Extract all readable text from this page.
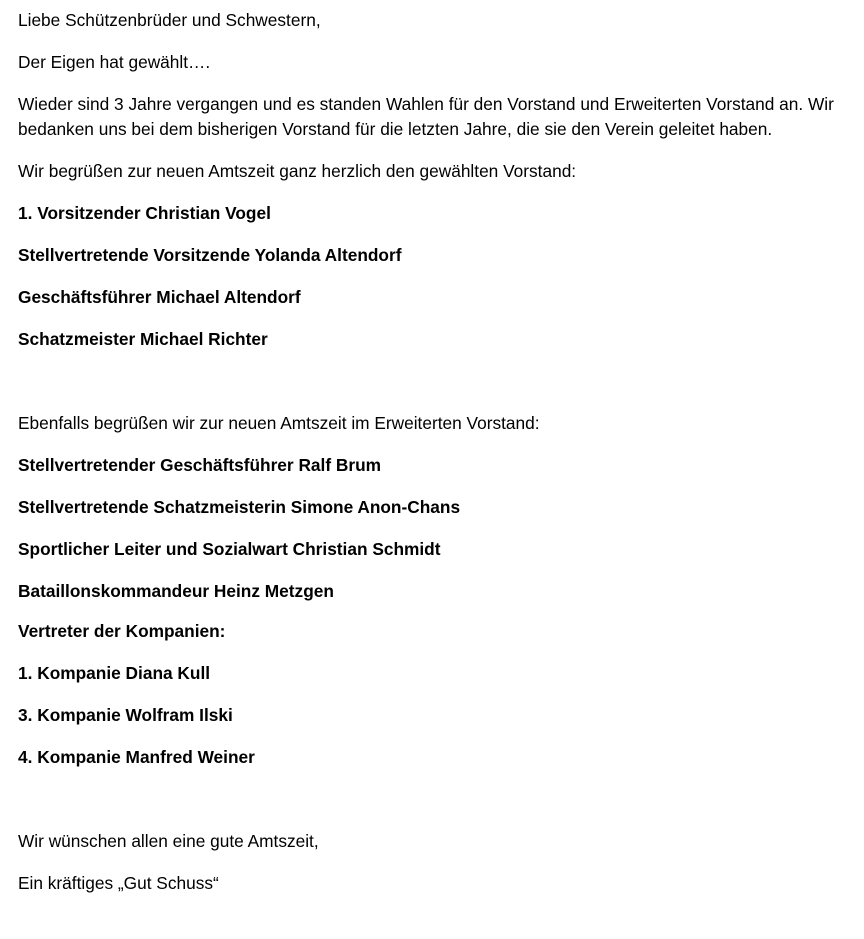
Liebe Schützenbrüder und Schwestern,

Der Eigen hat gewählt….

Wieder sind 3 Jahre vergangen und es standen Wahlen für den Vorstand und Erweiterten Vorstand an. Wir bedanken uns bei dem bisherigen Vorstand für die letzten Jahre, die sie den Verein geleitet haben.

Wir begrüßen zur neuen Amtszeit ganz herzlich den gewählten Vorstand:

1. Vorsitzender Christian Vogel

Stellvertretende Vorsitzende Yolanda Altendorf

Geschäftsführer Michael Altendorf

Schatzmeister Michael Richter

Ebenfalls begrüßen wir zur neuen Amtszeit im Erweiterten Vorstand:

Stellvertretender Geschäftsführer Ralf Brum

Stellvertretende Schatzmeisterin Simone Anon-Chans

Sportlicher Leiter und Sozialwart Christian Schmidt

Bataillonskommandeur Heinz Metzgen

Vertreter der Kompanien:

1. Kompanie Diana Kull

3. Kompanie Wolfram Ilski

4. Kompanie Manfred Weiner

Wir wünschen allen eine gute Amtszeit,

Ein kräftiges „Gut Schuss“
